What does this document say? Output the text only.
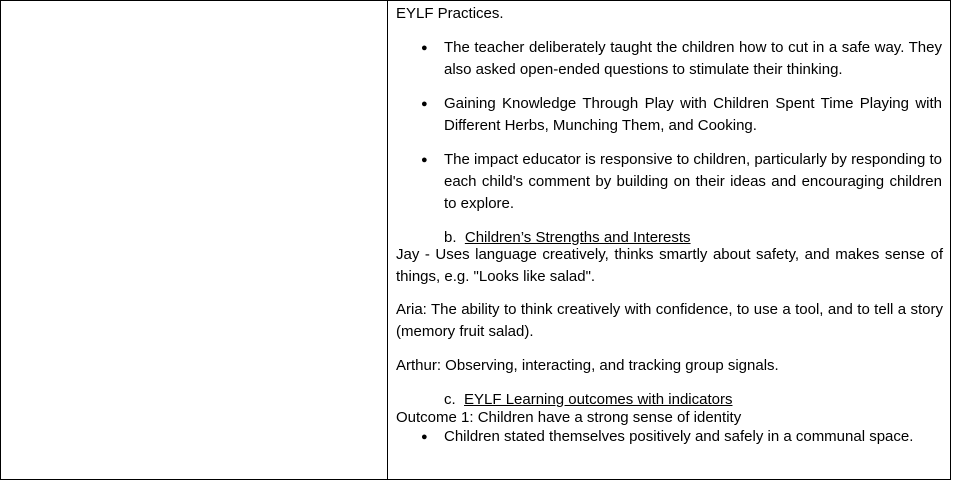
EYLF Practices.
● The teacher deliberately taught the children how to cut in a safe way. They also asked open-ended questions to stimulate their thinking.
● Gaining Knowledge Through Play with Children Spent Time Playing with Different Herbs, Munching Them, and Cooking.
● The impact educator is responsive to children, particularly by responding to each child's comment by building on their ideas and encouraging children to explore.
b. Children’s Strengths and Interests
Jay - Uses language creatively, thinks smartly about safety, and makes sense of things, e.g. "Looks like salad".
Aria: The ability to think creatively with confidence, to use a tool, and to tell a story (memory fruit salad).
Arthur: Observing, interacting, and tracking group signals.
c. EYLF Learning outcomes with indicators
Outcome 1: Children have a strong sense of identity
● Children stated themselves positively and safely in a communal space.
